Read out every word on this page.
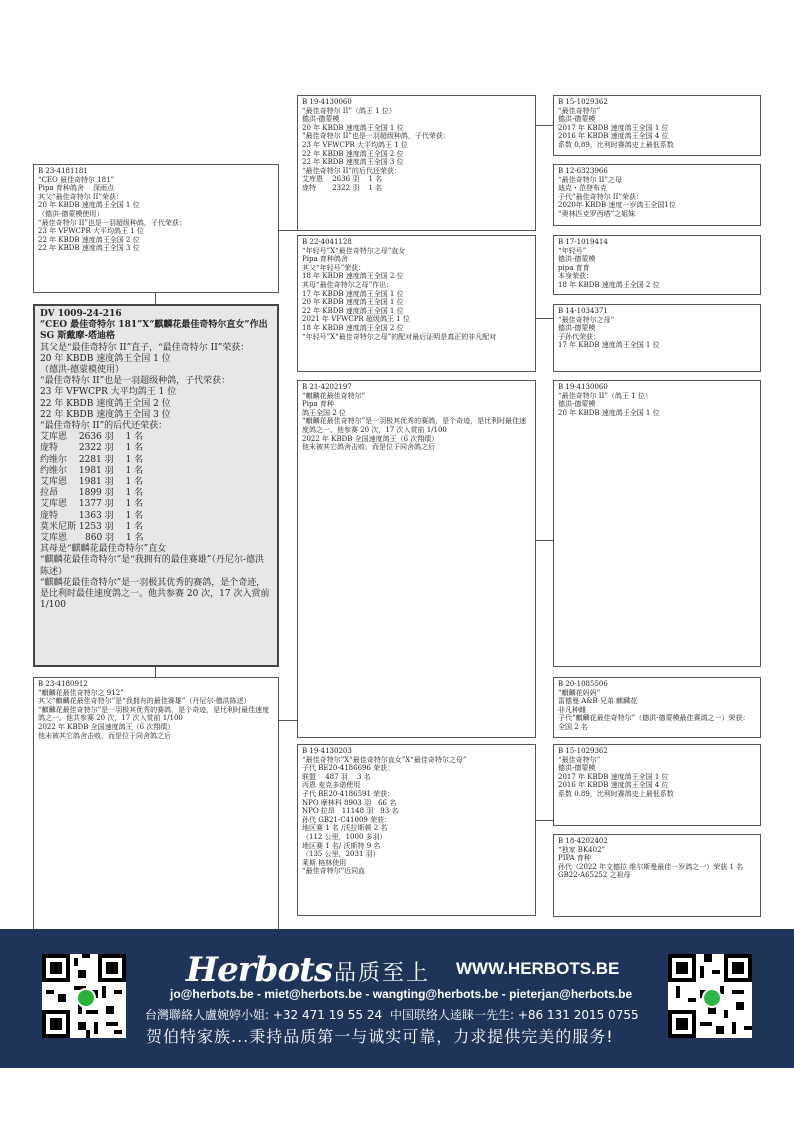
B 23-4181181
“CEO 最佳奇特尔 181”
Pipa 育种鸽舍　 深雨点
其父“最佳奇特尔 II”荣获：
20 年 KBDB 速度鸽王全国 1 位
（德洪-德蒙模使用）
“最佳奇特尔 II”也是一羽超级种鸽，子代荣获：
23 年 VFWCPR 大平均鸽王 1 位
22 年 KBDB 速度鸽王全国 2 位
22 年 KBDB 速度鸽王全国 3 位
DV 1009-24-216
“CEO 最佳奇特尔 181”X“麒麟花最佳奇特尔直女”作出
SG 斯戴摩-塔迪格
其父是“最佳奇特尔 II”直子，“最佳奇特尔 II”荣获：
20 年 KBDB 速度鸽王全国 1 位
（德洪-德蒙模使用）
“最佳奇特尔 II”也是一羽超级种鸽，子代荣获：
23 年 VFWCPR 大平均鸽王 1 位
22 年 KBDB 速度鸽王全国 2 位
22 年 KBDB 速度鸽王全国 3 位
“最佳奇特尔 II”的后代还荣获：
艾库恩　 2636 羽　 1 名
庞特　　 2322 羽　 1 名
约维尔　 2281 羽　 1 名
约维尔　 1981 羽　 1 名
艾库恩　 1981 羽　 1 名
拉昂　　 1899 羽　 1 名
艾库恩　 1377 羽　 1 名
庞特　　 1363 羽　 1 名
莫米尼斯 1253 羽　 1 名
艾库恩　　860 羽　 1 名
其母是“麒麟花最佳奇特尔”直女
“麒麟花最佳奇特尔”是“我拥有的最佳赛雄”（丹尼尔-德洪陈述）
“麒麟花最佳奇特尔”是一羽极其优秀的赛鸽，是个奇迹，是比利时最佳速度鸽之一。他共参赛 20 次，17 次入赏前 1/100
B 23-4180912
“麒麟花最佳奇特尔之 912”
其父“麒麟花最佳奇特尔”是“我拥有的最佳赛雄”（丹尼尔-德洪陈述）
“麒麟花最佳奇特尔”是一羽极其优秀的赛鸽，是个奇迹，是比利时最佳速度鸽之一。他共参赛 20 次，17 次入赏前 1/100
2022 年 KBDB 全国速度鸽王（6 次翔绩）
他未被其它鸽舍击败，而是位于同舍鸽之后
B 19-4130060
“最佳奇特尔 II”（鸽王 1 位）
德洪-德蒙模
20 年 KBDB 速度鸽王全国 1 位
“最佳奇特尔 II”也是一羽超级种鸽，子代荣获：
23 年 VFWCPR 大平均鸽王 1 位
22 年 KBDB 速度鸽王全国 2 位
22 年 KBDB 速度鸽王全国 3 位
“最佳奇特尔 II”的后代还荣获：
艾库恩　 2636 羽　 1 名
庞特　　 2322 羽　 1 名
B 22-4041128
“年轻号”X“最佳奇特尔之母”直女
Pipa 育种鸽舍
其父“年轻号”荣获：
18 年 KBDB 速度鸽王全国 2 位
其母“最佳奇特尔之母”作出：
17 年 KBDB 速度鸽王全国 1 位
20 年 KBDB 速度鸽王全国 1 位
22 年 KBDB 速度鸽王全国 1 位
2021 年 VFWCPR 超级鸽王 1 位
18 年 KBDB 速度鸽王全国 2 位
“年轻号”X“最佳奇特尔之母”的配对最后证明是真正的非凡配对
B 21-4202197
“麒麟花最佳奇特尔”
Pipa 育种
鸽王全国 2 位
“麒麟花最佳奇特尔”是一羽极其优秀的赛鸽，是个奇迹，是比利时最佳速度鸽之一。他参赛 20 次，17 次入赏前 1/100
2022 年 KBDB 全国速度鸽王（6 次翔绩）
他未被其它鸽舍击败，而是位于同舍鸽之后
B 19-4130203
“最佳奇特尔”X“最佳奇特尔直女”X“最佳奇特尔之母”
子代 BE20-4186696 荣获：
联盟　 487 羽　 3 名
丙恩 麦克多诺使用
子代 BE20-4186591 荣获：
NPO 摩林科 8903 羽　66 名
NPO 拉昂　11148 羽　93 名
孙代 GB21-C41009 荣获：
地区赛 1 名 /沃拉斯顿 2 名
（112 公里，1000 多羽）
地区赛 1 名/ 沃斯特 9 名
（135 公里，2031 羽）
莱斯 格林使用
“最佳奇特尔”近同血
B 15-1029362
“最佳奇特尔”
德洪-德蒙模
2017 年 KBDB 速度鸽王全国 1 位
2016 年 KBDB 速度鸽王全国 4 位
系数 0.89，比利时赛鸽史上最低系数
B 12-6323966
“最佳奇特尔 II”之母
迪克・范登布克
子代“最佳奇特尔 II”荣获：
2020年 KBDB 速度一岁鸽王全国1位
“奥林匹克罗西塔”之姐妹
B 17-1019414
“年轻号”
德洪-德蒙模
pipa 育育
本身荣获：
18 年 KBDB 速度鸽王全国 2 位
B 14-1034371
“最佳奇特尔之母”
德洪-德蒙模
子孙代荣获：
17 年 KBDB 速度鸽王全国 1 位
B 19-4130060
“最佳奇特尔 II”（鸽王 1 位）
德洪-德蒙模
20 年 KBDB 速度鸽王全国 1 位
B 20-1085506
“麒麟花妈妈”
雷德曼 A&B 兄弟 麒麟花
非凡种雌
子代“麒麟花最佳奇特尔”（德洪-德蒙模最佳赛鸽之一）荣获：全国 2 名
B 15-1029362
“最佳奇特尔”
德洪-德蒙模
2017 年 KBDB 速度鸽王全国 1 位
2016 年 KBDB 速度鸽王全国 4 位
系数 0.89，比利时赛鸽史上最低系数
B 18-4202402
“独家 BK402”
PIPA 育种
孙代（2022 年文德拉 维尔斯曼最佳一岁鸽之一）荣获 1 名
GB22-A65252 之祖母
Herbots 品质至上 WWW.HERBOTS.BE
jo@herbots.be - miet@herbots.be - wangting@herbots.be - pieterjan@herbots.be
台灣聯絡人盧婉婷小姐: +32 471 19 55 24 中国联络人逵睐一先生: +86 131 2015 0755
贺伯特家族...秉持品质第一与诚实可靠，力求提供完美的服务!
